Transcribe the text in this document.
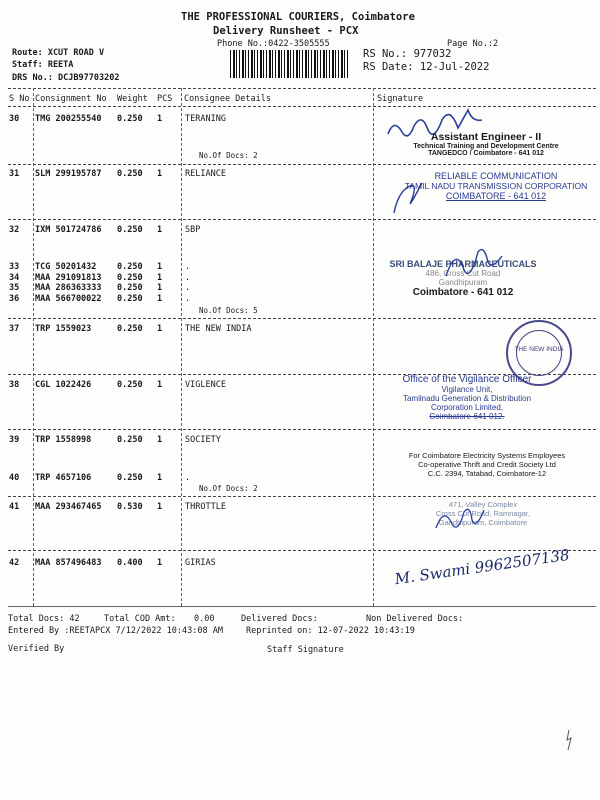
THE PROFESSIONAL COURIERS, Coimbatore
Delivery Runsheet - PCX
Phone No.:0422-3505555	Page No.:2
Route: XCUT ROAD V
Staff: REETA
DRS No.: DCJB97703202
RS No.: 977032
RS Date: 12-Jul-2022
S No Consignment No Weight PCS Consignee Details	Signature
30 TMG 200255540 0.250 1	TERANING
No.Of Docs: 2
31 SLM 299195787 0.250 1	RELIANCE
32 IXM 501724786 0.250 1	SBP
33 TCG 50201432 0.250 1	.
34 MAA 291091813 0.250 1	.
35 MAA 286363333 0.250 1	.
36 MAA 566700022 0.250 1	.
No.Of Docs: 5
37 TRP 1559023	0.250 1	THE NEW INDIA
38 CGL 1022426	0.250 1	VIGLENCE
39 TRP 1558998	0.250 1	SOCIETY
40 TRP 4657106	0.250 1	.
No.Of Docs: 2
41 MAA 293467465 0.530 1	THROTTLE
42 MAA 857496483 0.400 1	GIRIAS
Assistant Engineer - II
Technical Training and Development Centre
TANGEDCO / Coimbatore - 641 012
RELIABLE COMMUNICATION
TAMIL NADU TRANSMISSION CORPORATION
COIMBATORE - 641 012
SRI BALAJE PHARMACEUTICALS
486, Cross Cut Road
Gandhipuram
Coimbatore - 641 012
THE NEW INDIA
Office of the Vigilance Officer
Vigilance Unit,
Tamilnadu Generation & Distribution
Corporation Limited,
Coimbatore-641 012.
For Coimbatore Electricity Systems Employees
Co-operative Thrift and Credit Society Ltd
C.C. 2394, Tatabad, Coimbatore-12
471, Valley Complex
Cross Cut Road, Ramnagar,
Gandhipuram, Coimbatore
M. Swami 9962507138
Total Docs: 42	Total COD Amt: 0.00	Delivered Docs:	Non Delivered Docs:
Entered By :REETAPCX 7/12/2022 10:43:08 AM	Reprinted on: 12-07-2022 10:43:19
Verified By	Staff Signature
